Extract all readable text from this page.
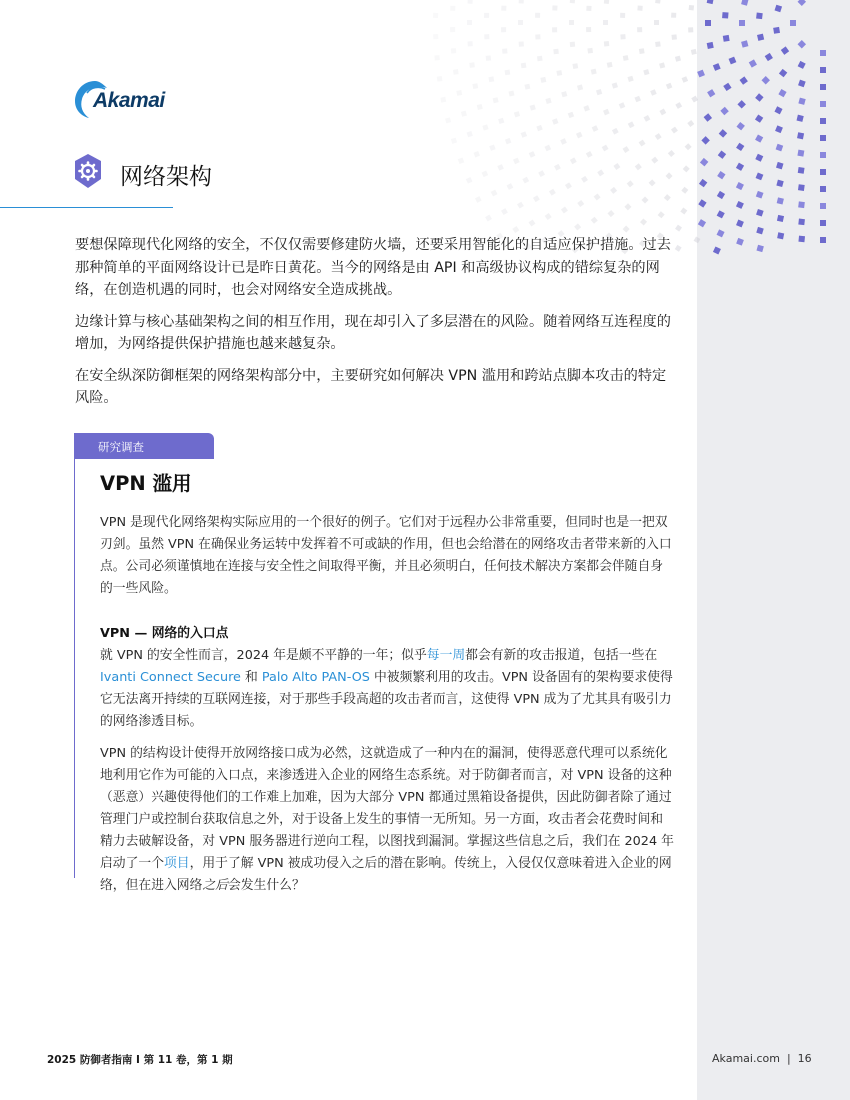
Akamai
网络架构

要想保障现代化网络的安全，不仅仅需要修建防火墙，还要采用智能化的自适应保护措施。过去那种简单的平面网络设计已是昨日黄花。当今的网络是由 API 和高级协议构成的错综复杂的网络，在创造机遇的同时，也会对网络安全造成挑战。

边缘计算与核心基础架构之间的相互作用，现在却引入了多层潜在的风险。随着网络互连程度的增加，为网络提供保护措施也越来越复杂。

在安全纵深防御框架的网络架构部分中，主要研究如何解决 VPN 滥用和跨站点脚本攻击的特定风险。

研究调查
VPN 滥用

VPN 是现代化网络架构实际应用的一个很好的例子。它们对于远程办公非常重要，但同时也是一把双刃剑。虽然 VPN 在确保业务运转中发挥着不可或缺的作用，但也会给潜在的网络攻击者带来新的入口点。公司必须谨慎地在连接与安全性之间取得平衡，并且必须明白，任何技术解决方案都会伴随自身的一些风险。

VPN — 网络的入口点

就 VPN 的安全性而言，2024 年是颇不平静的一年；似乎每一周都会有新的攻击报道，包括一些在 Ivanti Connect Secure 和 Palo Alto PAN-OS 中被频繁利用的攻击。VPN 设备固有的架构要求使得它无法离开持续的互联网连接，对于那些手段高超的攻击者而言，这使得 VPN 成为了尤其具有吸引力的网络渗透目标。

VPN 的结构设计使得开放网络接口成为必然，这就造成了一种内在的漏洞，使得恶意代理可以系统化地利用它作为可能的入口点，来渗透进入企业的网络生态系统。对于防御者而言，对 VPN 设备的这种（恶意）兴趣使得他们的工作难上加难，因为大部分 VPN 都通过黑箱设备提供，因此防御者除了通过管理门户或控制台获取信息之外，对于设备上发生的事情一无所知。另一方面，攻击者会花费时间和精力去破解设备，对 VPN 服务器进行逆向工程，以图找到漏洞。掌握这些信息之后，我们在 2024 年启动了一个项目，用于了解 VPN 被成功侵入之后的潜在影响。传统上，入侵仅仅意味着进入企业的网络，但在进入网络之后会发生什么？

2025 防御者指南 I 第 11 卷，第 1 期	Akamai.com  |  16
